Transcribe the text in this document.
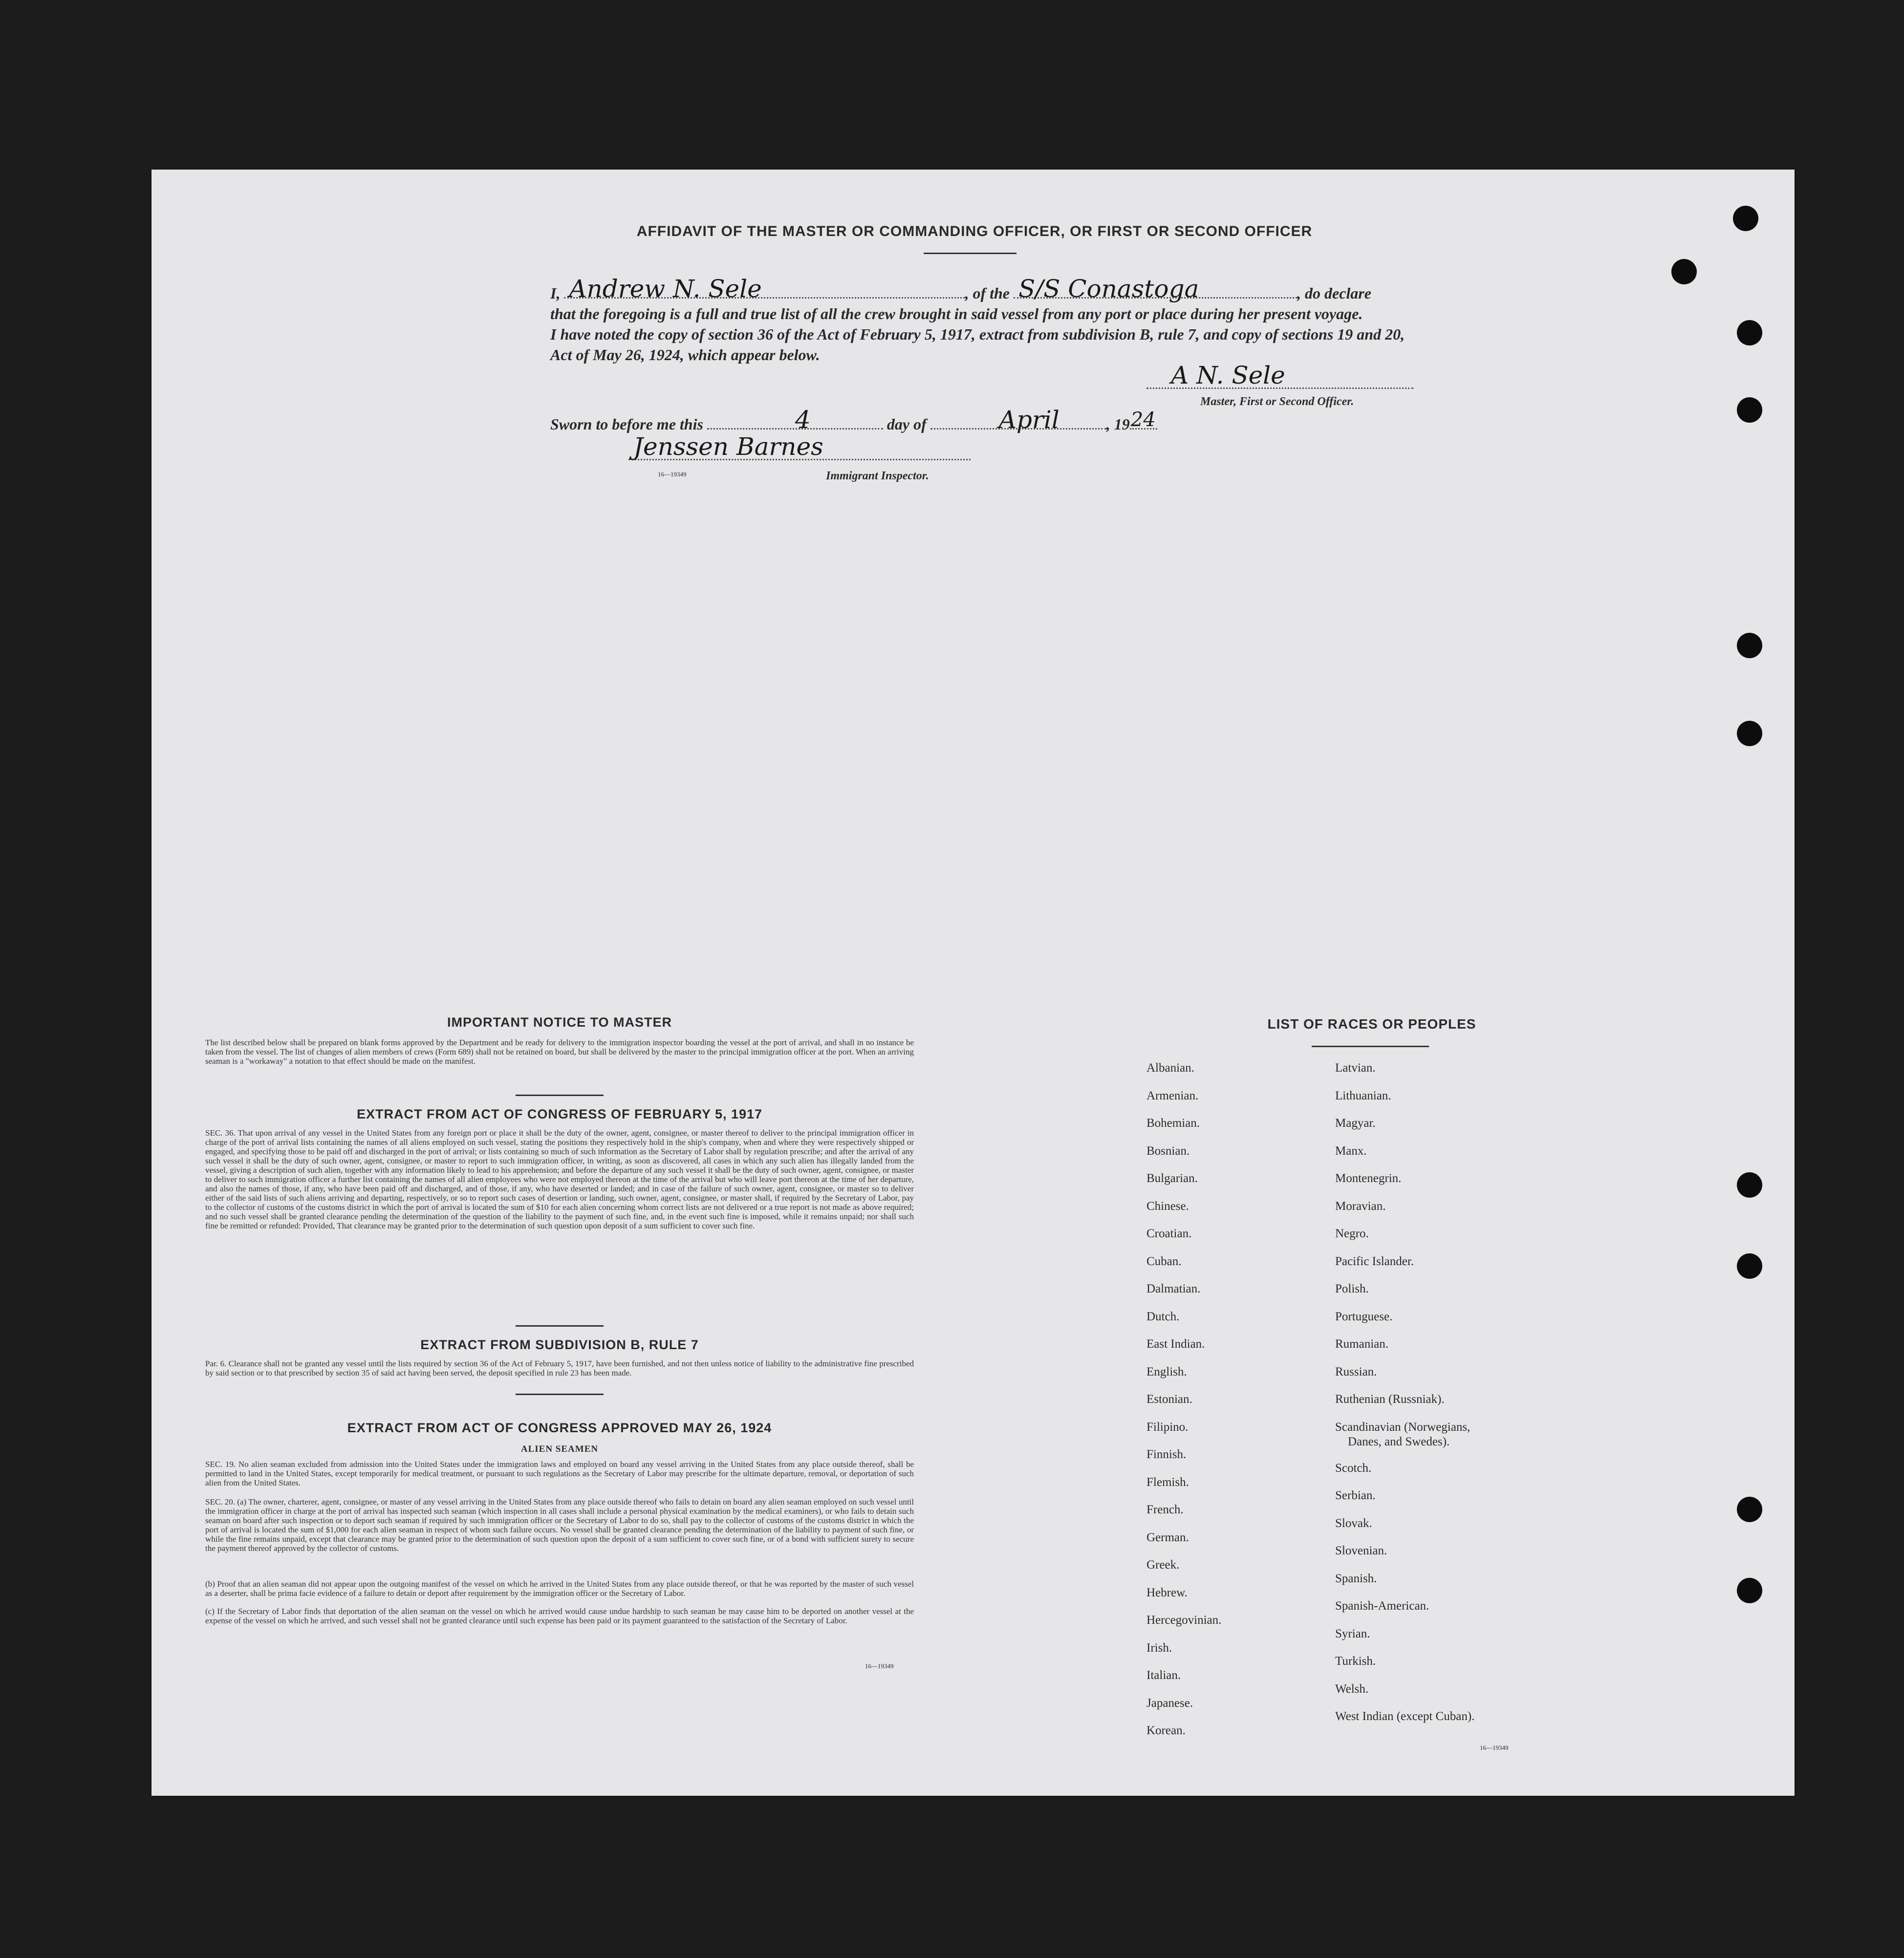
AFFIDAVIT OF THE MASTER OR COMMANDING OFFICER, OR FIRST OR SECOND OFFICER
I, Andrew N. Sele	, of the S/S Conastoga	, do declare
that the foregoing is a full and true list of all the crew brought in said vessel from any port or place during her present voyage.
I have noted the copy of section 36 of the Act of February 5, 1917, extract from subdivision B, rule 7, and copy of sections 19 and 20,
Act of May 26, 1924, which appear below.
A N. Sele
Master, First or Second Officer.
Sworn to before me this	4	day of	April	, 19 24
Jenssen Barnes
16—19349	Immigrant Inspector.
IMPORTANT NOTICE TO MASTER
The list described below shall be prepared on blank forms approved by the Department and be ready for delivery to the immigration inspector boarding the vessel at the port of arrival, and shall in no instance be taken from the vessel. The list of changes of alien members of crews (Form 689) shall not be retained on board, but shall be delivered by the master to the principal immigration officer at the port. When an arriving seaman is a "workaway" a notation to that effect should be made on the manifest.
EXTRACT FROM ACT OF CONGRESS OF FEBRUARY 5, 1917
SEC. 36. That upon arrival of any vessel in the United States from any foreign port or place it shall be the duty of the owner, agent, consignee, or master thereof to deliver to the principal immigration officer in charge of the port of arrival lists containing the names of all aliens employed on such vessel, stating the positions they respectively hold in the ship's company, when and where they were respectively shipped or engaged, and specifying those to be paid off and discharged in the port of arrival; or lists containing so much of such information as the Secretary of Labor shall by regulation prescribe; and after the arrival of any such vessel it shall be the duty of such owner, agent, consignee, or master to report to such immigration officer, in writing, as soon as discovered, all cases in which any such alien has illegally landed from the vessel, giving a description of such alien, together with any information likely to lead to his apprehension; and before the departure of any such vessel it shall be the duty of such owner, agent, consignee, or master to deliver to such immigration officer a further list containing the names of all alien employees who were not employed thereon at the time of the arrival but who will leave port thereon at the time of her departure, and also the names of those, if any, who have been paid off and discharged, and of those, if any, who have deserted or landed; and in case of the failure of such owner, agent, consignee, or master so to deliver either of the said lists of such aliens arriving and departing, respectively, or so to report such cases of desertion or landing, such owner, agent, consignee, or master shall, if required by the Secretary of Labor, pay to the collector of customs of the customs district in which the port of arrival is located the sum of $10 for each alien concerning whom correct lists are not delivered or a true report is not made as above required; and no such vessel shall be granted clearance pending the determination of the question of the liability to the payment of such fine, and, in the event such fine is imposed, while it remains unpaid; nor shall such fine be remitted or refunded: Provided, That clearance may be granted prior to the determination of such question upon deposit of a sum sufficient to cover such fine.
EXTRACT FROM SUBDIVISION B, RULE 7
Par. 6. Clearance shall not be granted any vessel until the lists required by section 36 of the Act of February 5, 1917, have been furnished, and not then unless notice of liability to the administrative fine prescribed by said section or to that prescribed by section 35 of said act having been served, the deposit specified in rule 23 has been made.
EXTRACT FROM ACT OF CONGRESS APPROVED MAY 26, 1924
ALIEN SEAMEN
SEC. 19. No alien seaman excluded from admission into the United States under the immigration laws and employed on board any vessel arriving in the United States from any place outside thereof, shall be permitted to land in the United States, except temporarily for medical treatment, or pursuant to such regulations as the Secretary of Labor may prescribe for the ultimate departure, removal, or deportation of such alien from the United States.
SEC. 20. (a) The owner, charterer, agent, consignee, or master of any vessel arriving in the United States from any place outside thereof who fails to detain on board any alien seaman employed on such vessel until the immigration officer in charge at the port of arrival has inspected such seaman (which inspection in all cases shall include a personal physical examination by the medical examiners), or who fails to detain such seaman on board after such inspection or to deport such seaman if required by such immigration officer or the Secretary of Labor to do so, shall pay to the collector of customs of the customs district in which the port of arrival is located the sum of $1,000 for each alien seaman in respect of whom such failure occurs. No vessel shall be granted clearance pending the determination of the liability to payment of such fine, or while the fine remains unpaid, except that clearance may be granted prior to the determination of such question upon the deposit of a sum sufficient to cover such fine, or of a bond with sufficient surety to secure the payment thereof approved by the collector of customs.
(b) Proof that an alien seaman did not appear upon the outgoing manifest of the vessel on which he arrived in the United States from any place outside thereof, or that he was reported by the master of such vessel as a deserter, shall be prima facie evidence of a failure to detain or deport after requirement by the immigration officer or the Secretary of Labor.
(c) If the Secretary of Labor finds that deportation of the alien seaman on the vessel on which he arrived would cause undue hardship to such seaman he may cause him to be deported on another vessel at the expense of the vessel on which he arrived, and such vessel shall not be granted clearance until such expense has been paid or its payment guaranteed to the satisfaction of the Secretary of Labor.
16—19349
LIST OF RACES OR PEOPLES
16—19349
Albanian.
Armenian.
Bohemian.
Bosnian.
Bulgarian.
Chinese.
Croatian.
Cuban.
Dalmatian.
Dutch.
East Indian.
English.
Estonian.
Filipino.
Finnish.
Flemish.
French.
German.
Greek.
Hebrew.
Hercegovinian.
Irish.
Italian.
Japanese.
Korean.
Latvian.
Lithuanian.
Magyar.
Manx.
Montenegrin.
Moravian.
Negro.
Pacific Islander.
Polish.
Portuguese.
Rumanian.
Russian.
Ruthenian (Russniak).
Scandinavian (Norwegians,
Danes, and Swedes).
Scotch.
Serbian.
Slovak.
Slovenian.
Spanish.
Spanish-American.
Syrian.
Turkish.
Welsh.
West Indian (except Cuban).
